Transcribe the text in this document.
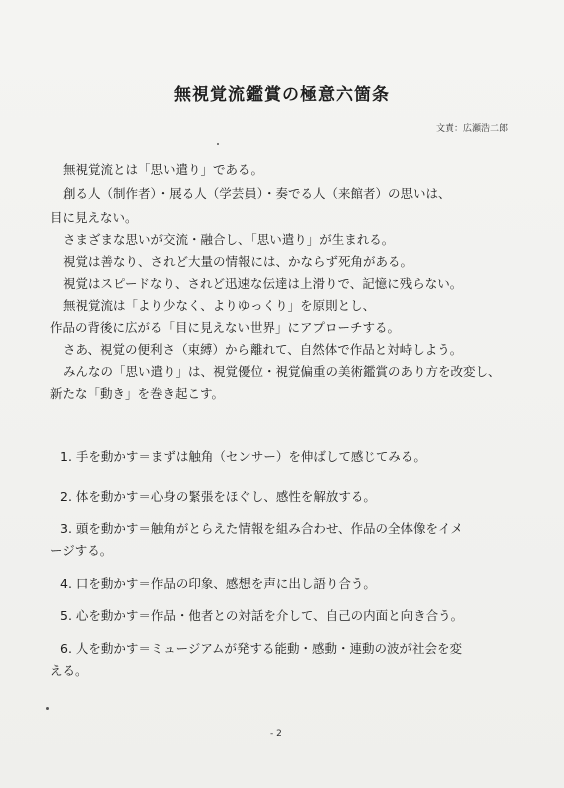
無視覚流鑑賞の極意六箇条
文責：広瀬浩二郎
無視覚流とは「思い遣り」である。
創る人（制作者）・展る人（学芸員）・奏でる人（来館者）の思いは、
目に見えない。
さまざまな思いが交流・融合し、「思い遣り」が生まれる。
視覚は善なり、されど大量の情報には、かならず死角がある。
視覚はスピードなり、されど迅速な伝達は上滑りで、記憶に残らない。
無視覚流は「より少なく、よりゆっくり」を原則とし、
作品の背後に広がる「目に見えない世界」にアプローチする。
さあ、視覚の便利さ（束縛）から離れて、自然体で作品と対峙しよう。
みんなの「思い遣り」は、視覚優位・視覚偏重の美術鑑賞のあり方を改変し、
新たな「動き」を巻き起こす。
1. 手を動かす＝まずは触角（センサー）を伸ばして感じてみる。
2. 体を動かす＝心身の緊張をほぐし、感性を解放する。
3. 頭を動かす＝触角がとらえた情報を組み合わせ、作品の全体像をイメ
ージする。
4. 口を動かす＝作品の印象、感想を声に出し語り合う。
5. 心を動かす＝作品・他者との対話を介して、自己の内面と向き合う。
6. 人を動かす＝ミュージアムが発する能動・感動・連動の波が社会を変
える。
- 2
